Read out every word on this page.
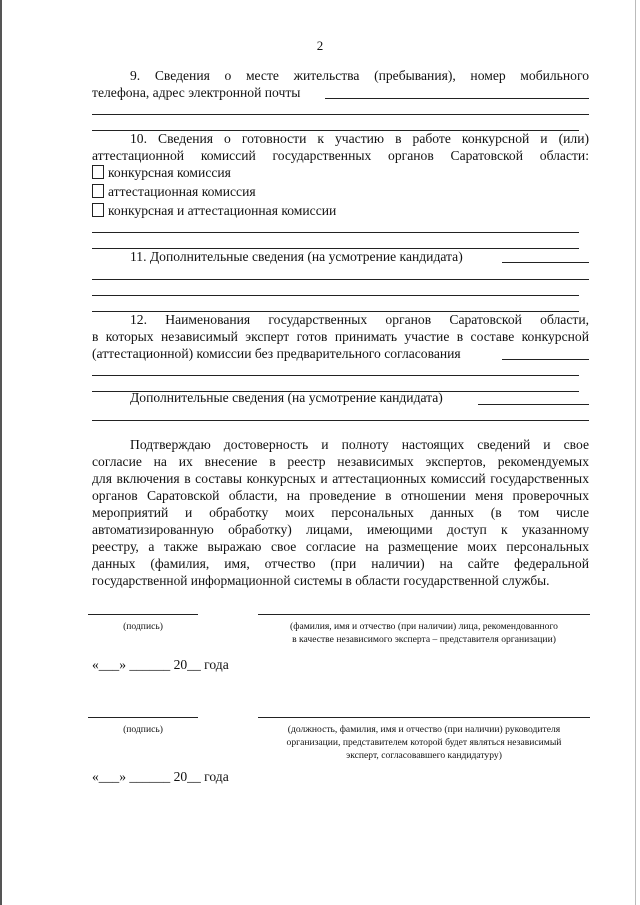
2
9. Сведения о месте жительства (пребывания), номер мобильного
телефона, адрес электронной почты
10. Сведения о готовности к участию в работе конкурсной и (или)
аттестационной комиссий государственных органов Саратовской области:
конкурсная комиссия
аттестационная комиссия
конкурсная и аттестационная комиссии
11. Дополнительные сведения (на усмотрение кандидата)
12. Наименования государственных органов Саратовской области,
в которых независимый эксперт готов принимать участие в составе конкурсной
(аттестационной) комиссии без предварительного согласования
Дополнительные сведения (на усмотрение кандидата)
Подтверждаю достоверность и полноту настоящих сведений и свое
согласие на их внесение в реестр независимых экспертов, рекомендуемых
для включения в составы конкурсных и аттестационных комиссий государственных
органов Саратовской области, на проведение в отношении меня проверочных
мероприятий и обработку моих персональных данных (в том числе
автоматизированную обработку) лицами, имеющими доступ к указанному
реестру, а также выражаю свое согласие на размещение моих персональных
данных (фамилия, имя, отчество (при наличии) на сайте федеральной
государственной информационной системы в области государственной службы.
(подпись)	(фамилия, имя и отчество (при наличии) лица, рекомендованного
в качестве независимого эксперта – представителя организации)
«___» ______ 20__ года
(подпись)	(должность, фамилия, имя и отчество (при наличии) руководителя
организации, представителем которой будет являться независимый
эксперт, согласовавшего кандидатуру)
«___» ______ 20__ года
